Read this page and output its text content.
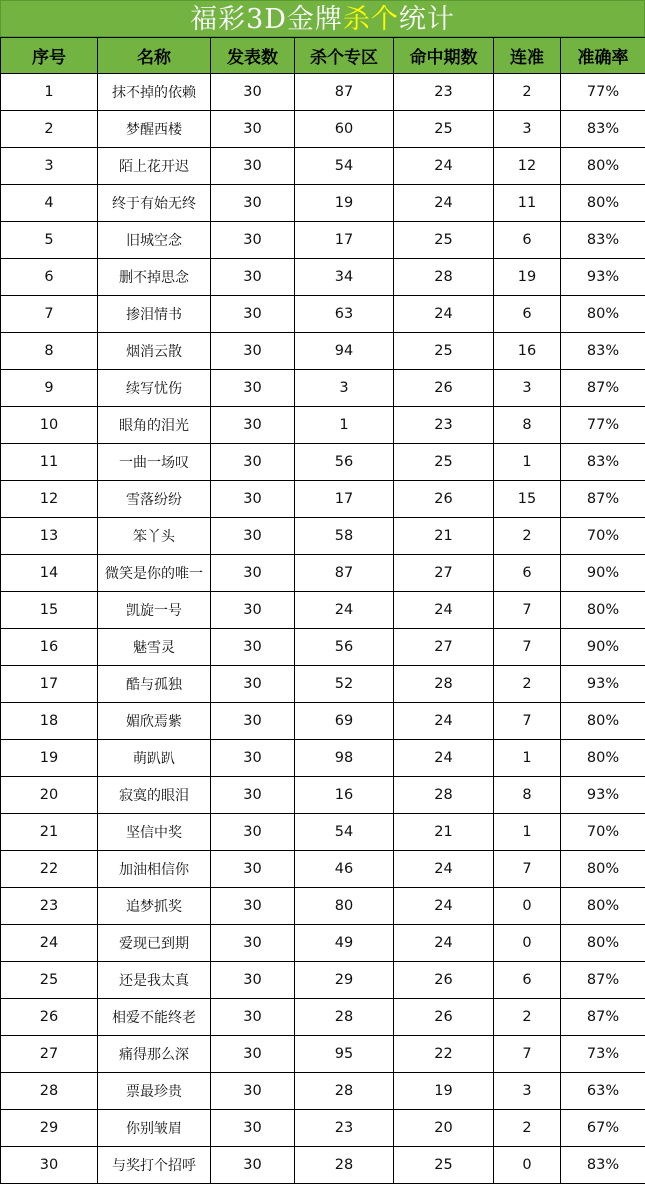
福彩3D金牌杀个统计
序号	名称	发表数	杀个专区	命中期数	连准	准确率
1	抹不掉的依赖	30	87	23	2	77%
2	梦醒西楼	30	60	25	3	83%
3	陌上花开迟	30	54	24	12	80%
4	终于有始无终	30	19	24	11	80%
5	旧城空念	30	17	25	6	83%
6	删不掉思念	30	34	28	19	93%
7	掺泪情书	30	63	24	6	80%
8	烟消云散	30	94	25	16	83%
9	续写忧伤	30	3	26	3	87%
10	眼角的泪光	30	1	23	8	77%
11	一曲一场叹	30	56	25	1	83%
12	雪落纷纷	30	17	26	15	87%
13	笨丫头	30	58	21	2	70%
14	微笑是你的唯一	30	87	27	6	90%
15	凯旋一号	30	24	24	7	80%
16	魅雪灵	30	56	27	7	90%
17	酷与孤独	30	52	28	2	93%
18	媚欣焉紫	30	69	24	7	80%
19	萌趴趴	30	98	24	1	80%
20	寂寞的眼泪	30	16	28	8	93%
21	坚信中奖	30	54	21	1	70%
22	加油相信你	30	46	24	7	80%
23	追梦抓奖	30	80	24	0	80%
24	爱现已到期	30	49	24	0	80%
25	还是我太真	30	29	26	6	87%
26	相爱不能终老	30	28	26	2	87%
27	痛得那么深	30	95	22	7	73%
28	票最珍贵	30	28	19	3	63%
29	你别皱眉	30	23	20	2	67%
30	与奖打个招呼	30	28	25	0	83%
